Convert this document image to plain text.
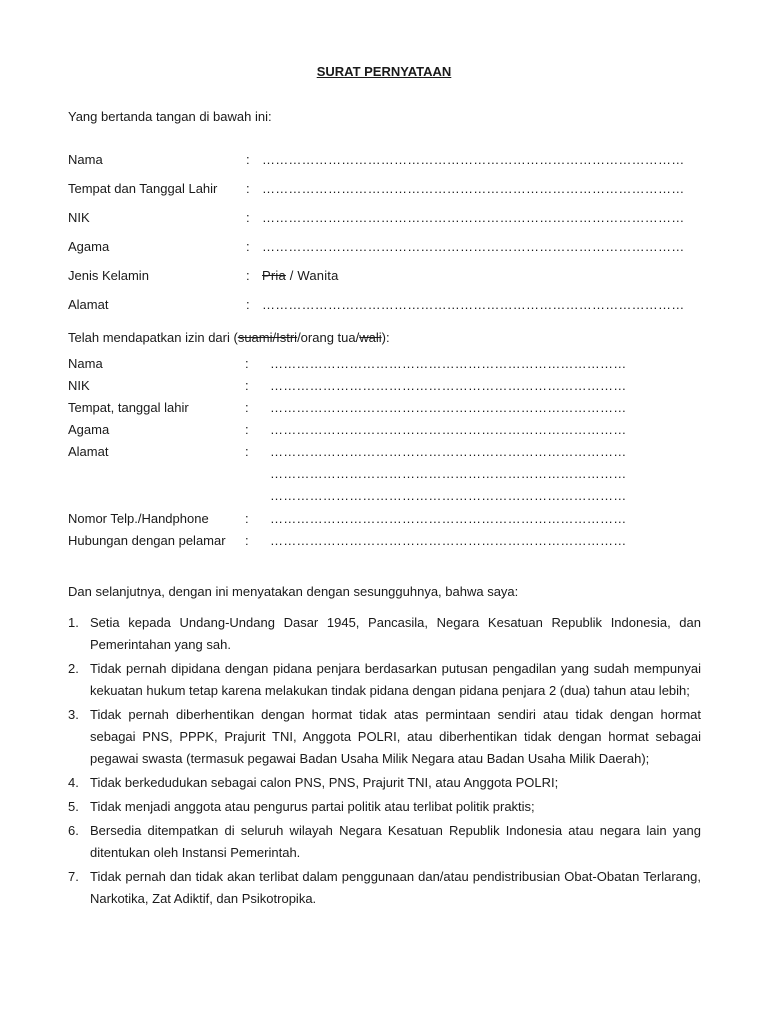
SURAT PERNYATAAN
Yang bertanda tangan di bawah ini:
Nama	: ……………………………………………………………………………………
Tempat dan Tanggal Lahir : ……………………………………………………………………………………
NIK	: ……………………………………………………………………………………
Agama	: ……………………………………………………………………………………
Jenis Kelamin	: Pria / Wanita
Alamat	: ……………………………………………………………………………………
Telah mendapatkan izin dari (suami/Istri/orang tua/wali):
Nama	: ………………………………………………………………………
NIK	: ………………………………………………………………………
Tempat, tanggal lahir	: ………………………………………………………………………
Agama	: ………………………………………………………………………
Alamat	: ………………………………………………………………………
………………………………………………………………………
………………………………………………………………………
Nomor Telp./Handphone	: ………………………………………………………………………
Hubungan dengan pelamar : ………………………………………………………………………
Dan selanjutnya, dengan ini menyatakan dengan sesungguhnya, bahwa saya:
1. Setia kepada Undang-Undang Dasar 1945, Pancasila, Negara Kesatuan Republik Indonesia, dan Pemerintahan yang sah.
2. Tidak pernah dipidana dengan pidana penjara berdasarkan putusan pengadilan yang sudah mempunyai kekuatan hukum tetap karena melakukan tindak pidana dengan pidana penjara 2 (dua) tahun atau lebih;
3. Tidak pernah diberhentikan dengan hormat tidak atas permintaan sendiri atau tidak dengan hormat sebagai PNS, PPPK, Prajurit TNI, Anggota POLRI, atau diberhentikan tidak dengan hormat sebagai pegawai swasta (termasuk pegawai Badan Usaha Milik Negara atau Badan Usaha Milik Daerah);
4. Tidak berkedudukan sebagai calon PNS, PNS, Prajurit TNI, atau Anggota POLRI;
5. Tidak menjadi anggota atau pengurus partai politik atau terlibat politik praktis;
6. Bersedia ditempatkan di seluruh wilayah Negara Kesatuan Republik Indonesia atau negara lain yang ditentukan oleh Instansi Pemerintah.
7. Tidak pernah dan tidak akan terlibat dalam penggunaan dan/atau pendistribusian Obat-Obatan Terlarang, Narkotika, Zat Adiktif, dan Psikotropika.
